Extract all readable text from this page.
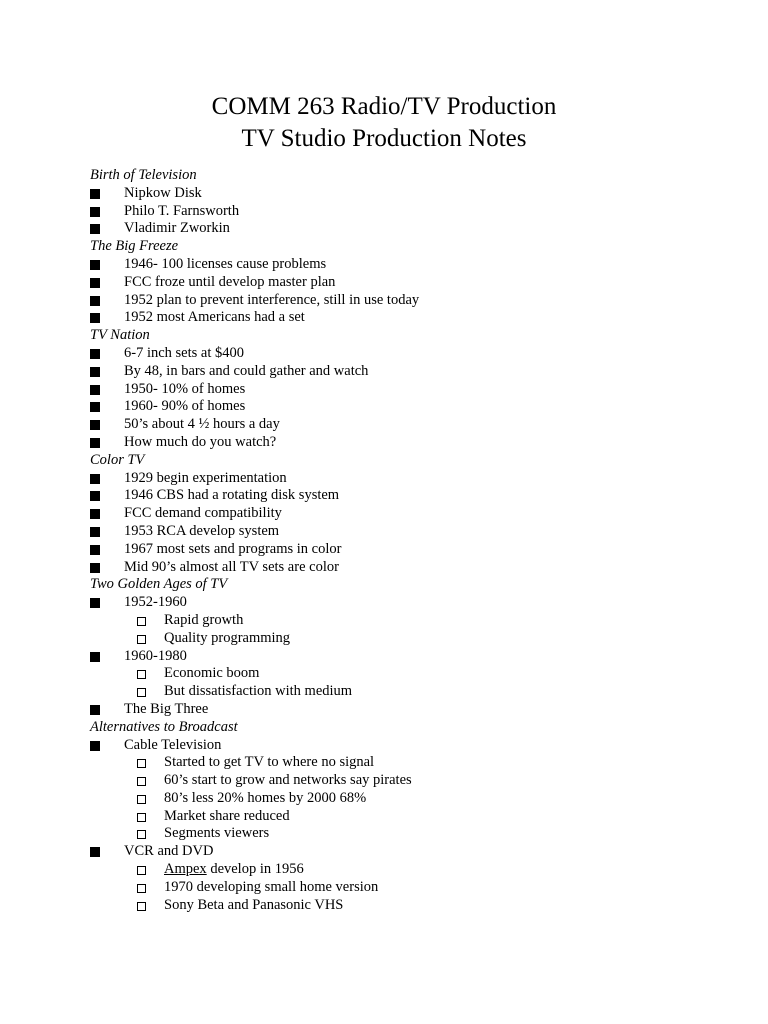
COMM 263 Radio/TV Production
TV Studio Production Notes
Birth of Television
Nipkow Disk
Philo T. Farnsworth
Vladimir Zworkin
The Big Freeze
1946- 100 licenses cause problems
FCC froze until develop master plan
1952 plan to prevent interference, still in use today
1952 most Americans had a set
TV Nation
6-7 inch sets at $400
By 48, in bars and could gather and watch
1950- 10% of homes
1960- 90% of homes
50’s about 4 ½ hours a day
How much do you watch?
Color TV
1929 begin experimentation
1946 CBS had a rotating disk system
FCC demand compatibility
1953 RCA develop system
1967 most sets and programs in color
Mid 90’s almost all TV sets are color
Two Golden Ages of TV
1952-1960
Rapid growth
Quality programming
1960-1980
Economic boom
But dissatisfaction with medium
The Big Three
Alternatives to Broadcast
Cable Television
Started to get TV to where no signal
60’s start to grow and networks say pirates
80’s less 20% homes by 2000 68%
Market share reduced
Segments viewers
VCR and DVD
Ampex develop in 1956
1970 developing small home version
Sony Beta and Panasonic VHS
